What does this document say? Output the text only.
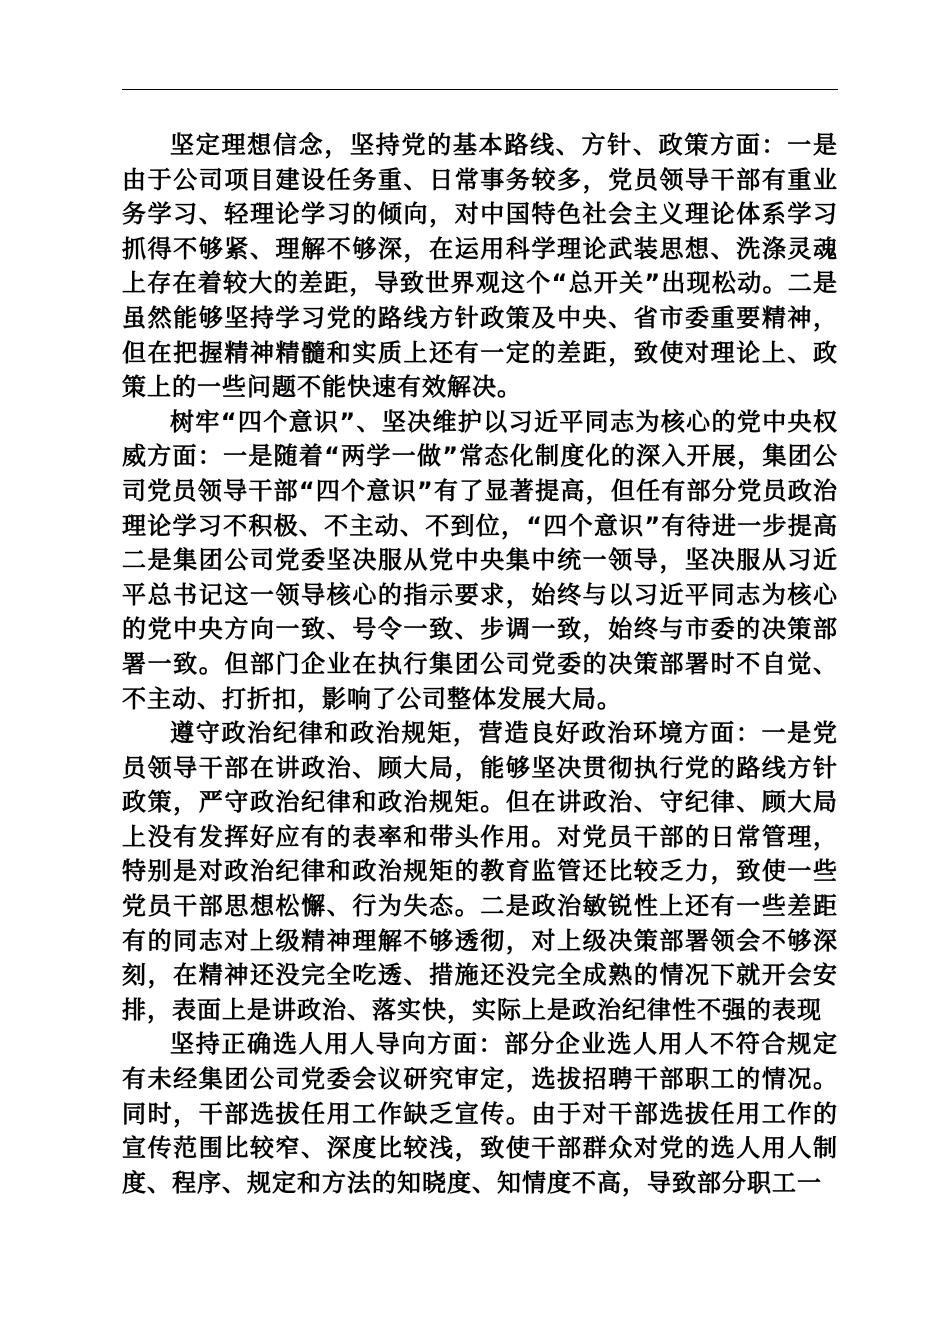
坚定理想信念，坚持党的基本路线、方针、政策方面：一是由于公司项目建设任务重、日常事务较多，党员领导干部有重业务学习、轻理论学习的倾向，对中国特色社会主义理论体系学习抓得不够紧、理解不够深，在运用科学理论武装思想、洗涤灵魂上存在着较大的差距，导致世界观这个“总开关”出现松动。二是虽然能够坚持学习党的路线方针政策及中央、省市委重要精神，但在把握精神精髓和实质上还有一定的差距，致使对理论上、政策上的一些问题不能快速有效解决。

树牢“四个意识”、坚决维护以习近平同志为核心的党中央权威方面：一是随着“两学一做”常态化制度化的深入开展，集团公司党员领导干部“四个意识”有了显著提高，但任有部分党员政治理论学习不积极、不主动、不到位，“四个意识”有待进一步提高二是集团公司党委坚决服从党中央集中统一领导，坚决服从习近平总书记这一领导核心的指示要求，始终与以习近平同志为核心的党中央方向一致、号令一致、步调一致，始终与市委的决策部署一致。但部门企业在执行集团公司党委的决策部署时不自觉、不主动、打折扣，影响了公司整体发展大局。

遵守政治纪律和政治规矩，营造良好政治环境方面：一是党员领导干部在讲政治、顾大局，能够坚决贯彻执行党的路线方针政策，严守政治纪律和政治规矩。但在讲政治、守纪律、顾大局上没有发挥好应有的表率和带头作用。对党员干部的日常管理，特别是对政治纪律和政治规矩的教育监管还比较乏力，致使一些党员干部思想松懈、行为失态。二是政治敏锐性上还有一些差距有的同志对上级精神理解不够透彻，对上级决策部署领会不够深刻，在精神还没完全吃透、措施还没完全成熟的情况下就开会安排，表面上是讲政治、落实快，实际上是政治纪律性不强的表现

坚持正确选人用人导向方面：部分企业选人用人不符合规定有未经集团公司党委会议研究审定，选拔招聘干部职工的情况。同时，干部选拔任用工作缺乏宣传。由于对干部选拔任用工作的宣传范围比较窄、深度比较浅，致使干部群众对党的选人用人制度、程序、规定和方法的知晓度、知情度不高，导致部分职工一
